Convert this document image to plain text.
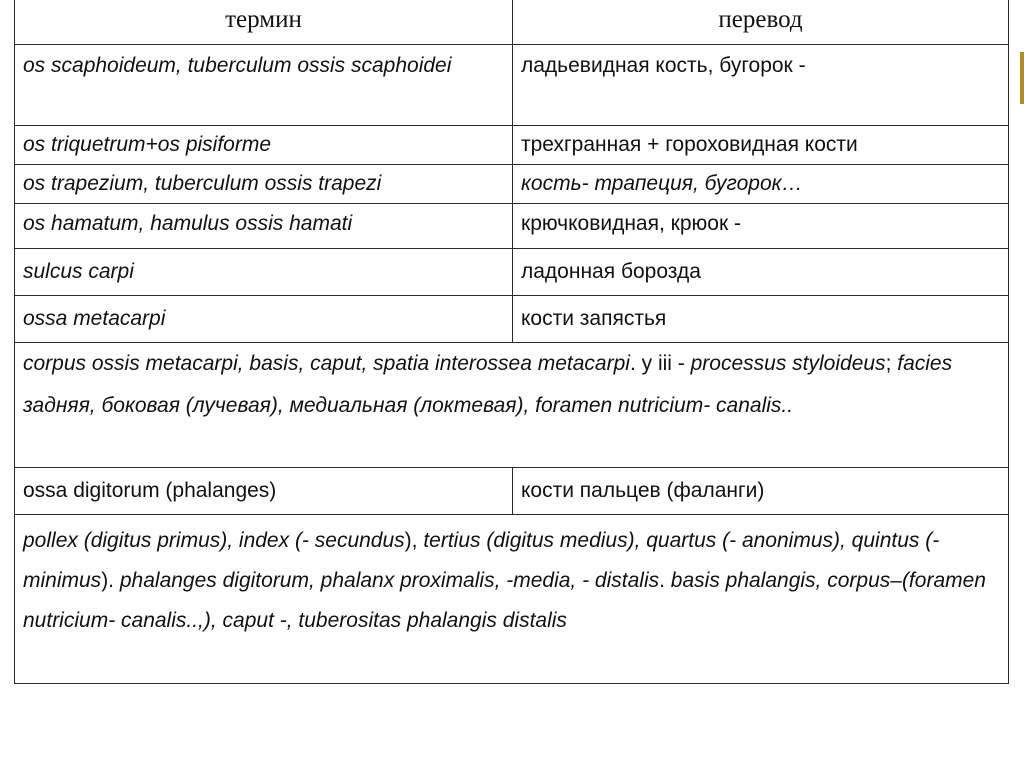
термин	перевод
os scaphoideum, tuberculum ossis scaphoidei	ладьевидная кость, бугорок -
os triquetrum+os pisiforme	трехгранная + гороховидная кости
os trapezium, tuberculum ossis trapezi	кость- трапеция, бугорок…
os hamatum, hamulus ossis hamati	крючковидная, крюок -
sulcus carpi	ладонная борозда
ossa metacarpi	кости запястья
corpus ossis metacarpi, basis, caput, spatia interossea metacarpi. у iii - processus styloideus; facies задняя, боковая (лучевая), медиальная (локтевая), foramen nutricium- canalis..	
ossa digitorum (phalanges)	кости пальцев (фаланги)
pollex (digitus primus), index (- secundus), tertius (digitus medius), quartus (- anonimus), quintus (-minimus). phalanges digitorum, phalanx proximalis, -media, - distalis. basis phalangis, corpus–(foramen nutricium- canalis..,), caput -, tuberositas phalangis distalis	
